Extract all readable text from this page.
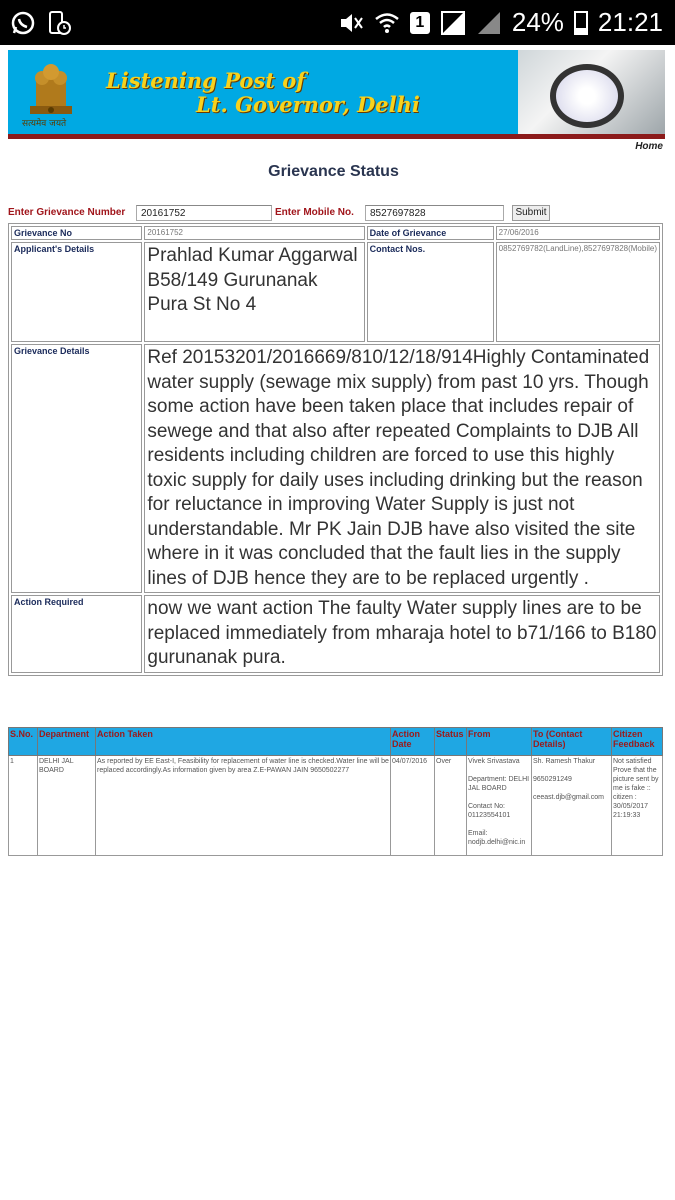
1	24% 21:21
सत्यमेव जयते
Listening Post of
Lt. Governor, Delhi
Home
Grievance Status
Enter Grievance Number
20161752	Enter Mobile No.
8527697828	Submit
Grievance No	20161752	Date of Grievance	27/06/2016
Applicant's Details	Prahlad Kumar Aggarwal B58/149 Gurunanak Pura St No 4	Contact Nos.	0852769782(LandLine),8527697828(Mobile)
Grievance Details	Ref 20153201/2016669/810/12/18/914Highly Contaminated water supply (sewage mix supply) from past 10 yrs. Though some action have been taken place that includes repair of sewege and that also after repeated Complaints to DJB All residents including children are forced to use this highly toxic supply for daily uses including drinking but the reason for reluctance in improving Water Supply is just not understandable. Mr PK Jain DJB have also visited the site where in it was concluded that the fault lies in the supply lines of DJB hence they are to be replaced urgently .		
Action Required	now we want action The faulty Water supply lines are to be replaced immediately from mharaja hotel to b71/166 to B180 gurunanak pura.		
S.No.	Department	Action Taken	Action Date	Status	From	To (Contact Details)	Citizen Feedback
1	DELHI JAL BOARD	As reported by EE East-I, Feasibility for replacement of water line is checked.Water line will be replaced accordingly.As information given by area Z.E-PAWAN JAIN 9650502277	04/07/2016	Over	Vivek Srivastava
Department: DELHI JAL BOARD
Contact No: 01123554101
Email: nodjb.delhi@nic.in	Sh. Ramesh Thakur
9650291249
ceeast.djb@gmail.com	Not satisfied Prove that the picture sent by me is fake :: citizen : 30/05/2017 21:19:33
